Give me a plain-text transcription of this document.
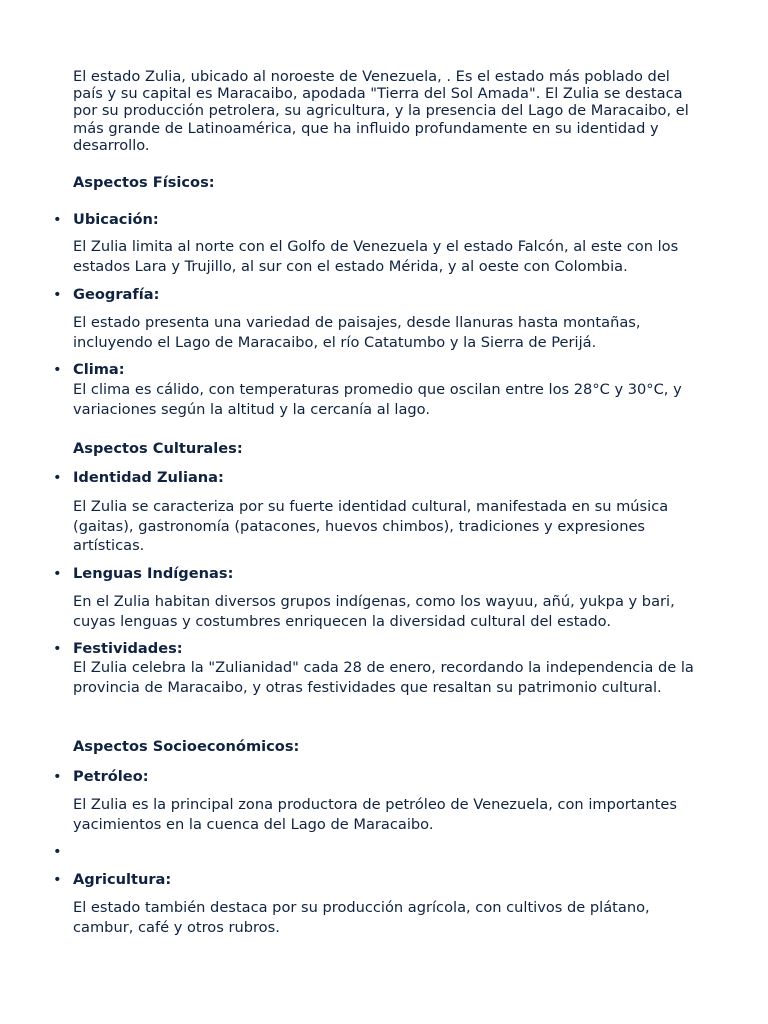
El estado Zulia, ubicado al noroeste de Venezuela, . Es el estado más poblado del país y su capital es Maracaibo, apodada "Tierra del Sol Amada". El Zulia se destaca por su producción petrolera, su agricultura, y la presencia del Lago de Maracaibo, el más grande de Latinoamérica, que ha influido profundamente en su identidad y desarrollo.

Aspectos Físicos:
• Ubicación:

El Zulia limita al norte con el Golfo de Venezuela y el estado Falcón, al este con los estados Lara y Trujillo, al sur con el estado Mérida, y al oeste con Colombia.

• Geografía:

El estado presenta una variedad de paisajes, desde llanuras hasta montañas, incluyendo el Lago de Maracaibo, el río Catatumbo y la Sierra de Perijá.

• Clima:

El clima es cálido, con temperaturas promedio que oscilan entre los 28°C y 30°C, y variaciones según la altitud y la cercanía al lago.

Aspectos Culturales:
• Identidad Zuliana:

El Zulia se caracteriza por su fuerte identidad cultural, manifestada en su música (gaitas), gastronomía (patacones, huevos chimbos), tradiciones y expresiones artísticas.

• Lenguas Indígenas:

En el Zulia habitan diversos grupos indígenas, como los wayuu, añú, yukpa y bari, cuyas lenguas y costumbres enriquecen la diversidad cultural del estado.

• Festividades:

El Zulia celebra la "Zulianidad" cada 28 de enero, recordando la independencia de la provincia de Maracaibo, y otras festividades que resaltan su patrimonio cultural.

Aspectos Socioeconómicos:
• Petróleo:

El Zulia es la principal zona productora de petróleo de Venezuela, con importantes yacimientos en la cuenca del Lago de Maracaibo.

•
• Agricultura:

El estado también destaca por su producción agrícola, con cultivos de plátano, cambur, café y otros rubros.
